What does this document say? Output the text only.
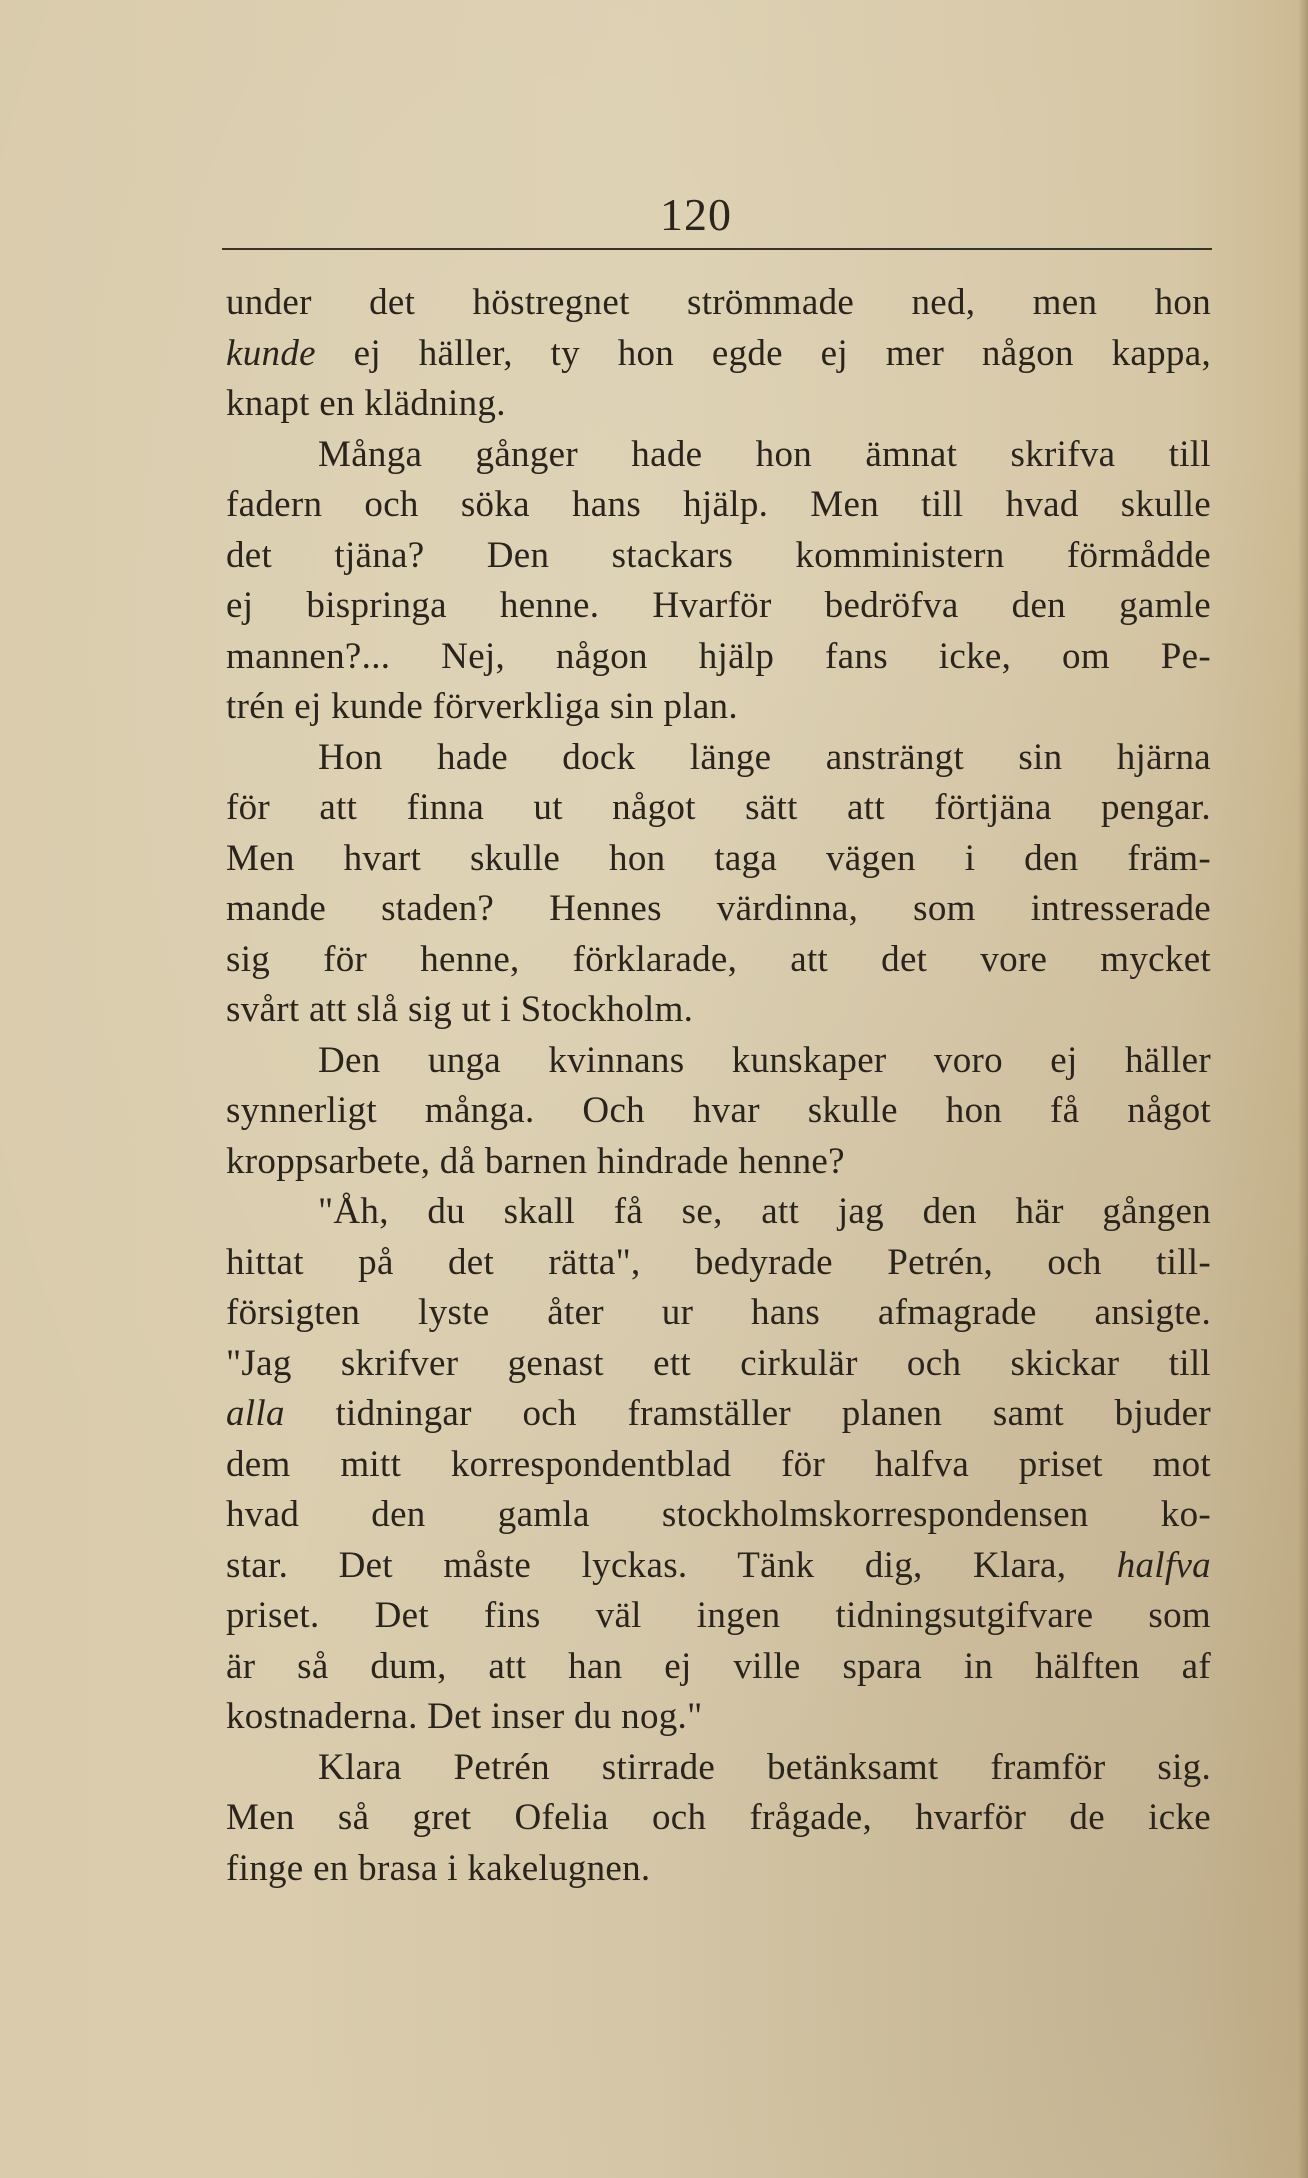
120
under det höstregnet strömmade ned, men hon
kunde ej häller, ty hon egde ej mer någon kappa,
knapt en klädning.
Många gånger hade hon ämnat skrifva till
fadern och söka hans hjälp. Men till hvad skulle
det tjäna? Den stackars komministern förmådde
ej bispringa henne. Hvarför bedröfva den gamle
mannen?... Nej, någon hjälp fans icke, om Pe-
trén ej kunde förverkliga sin plan.
Hon hade dock länge ansträngt sin hjärna
för att finna ut något sätt att förtjäna pengar.
Men hvart skulle hon taga vägen i den främ-
mande staden? Hennes värdinna, som intresserade
sig för henne, förklarade, att det vore mycket
svårt att slå sig ut i Stockholm.
Den unga kvinnans kunskaper voro ej häller
synnerligt många. Och hvar skulle hon få något
kroppsarbete, då barnen hindrade henne?
"Åh, du skall få se, att jag den här gången
hittat på det rätta", bedyrade Petrén, och till-
försigten lyste åter ur hans afmagrade ansigte.
"Jag skrifver genast ett cirkulär och skickar till
alla tidningar och framställer planen samt bjuder
dem mitt korrespondentblad för halfva priset mot
hvad den gamla stockholmskorrespondensen ko-
star. Det måste lyckas. Tänk dig, Klara, halfva
priset. Det fins väl ingen tidningsutgifvare som
är så dum, att han ej ville spara in hälften af
kostnaderna. Det inser du nog."
Klara Petrén stirrade betänksamt framför sig.
Men så gret Ofelia och frågade, hvarför de icke
finge en brasa i kakelugnen.
